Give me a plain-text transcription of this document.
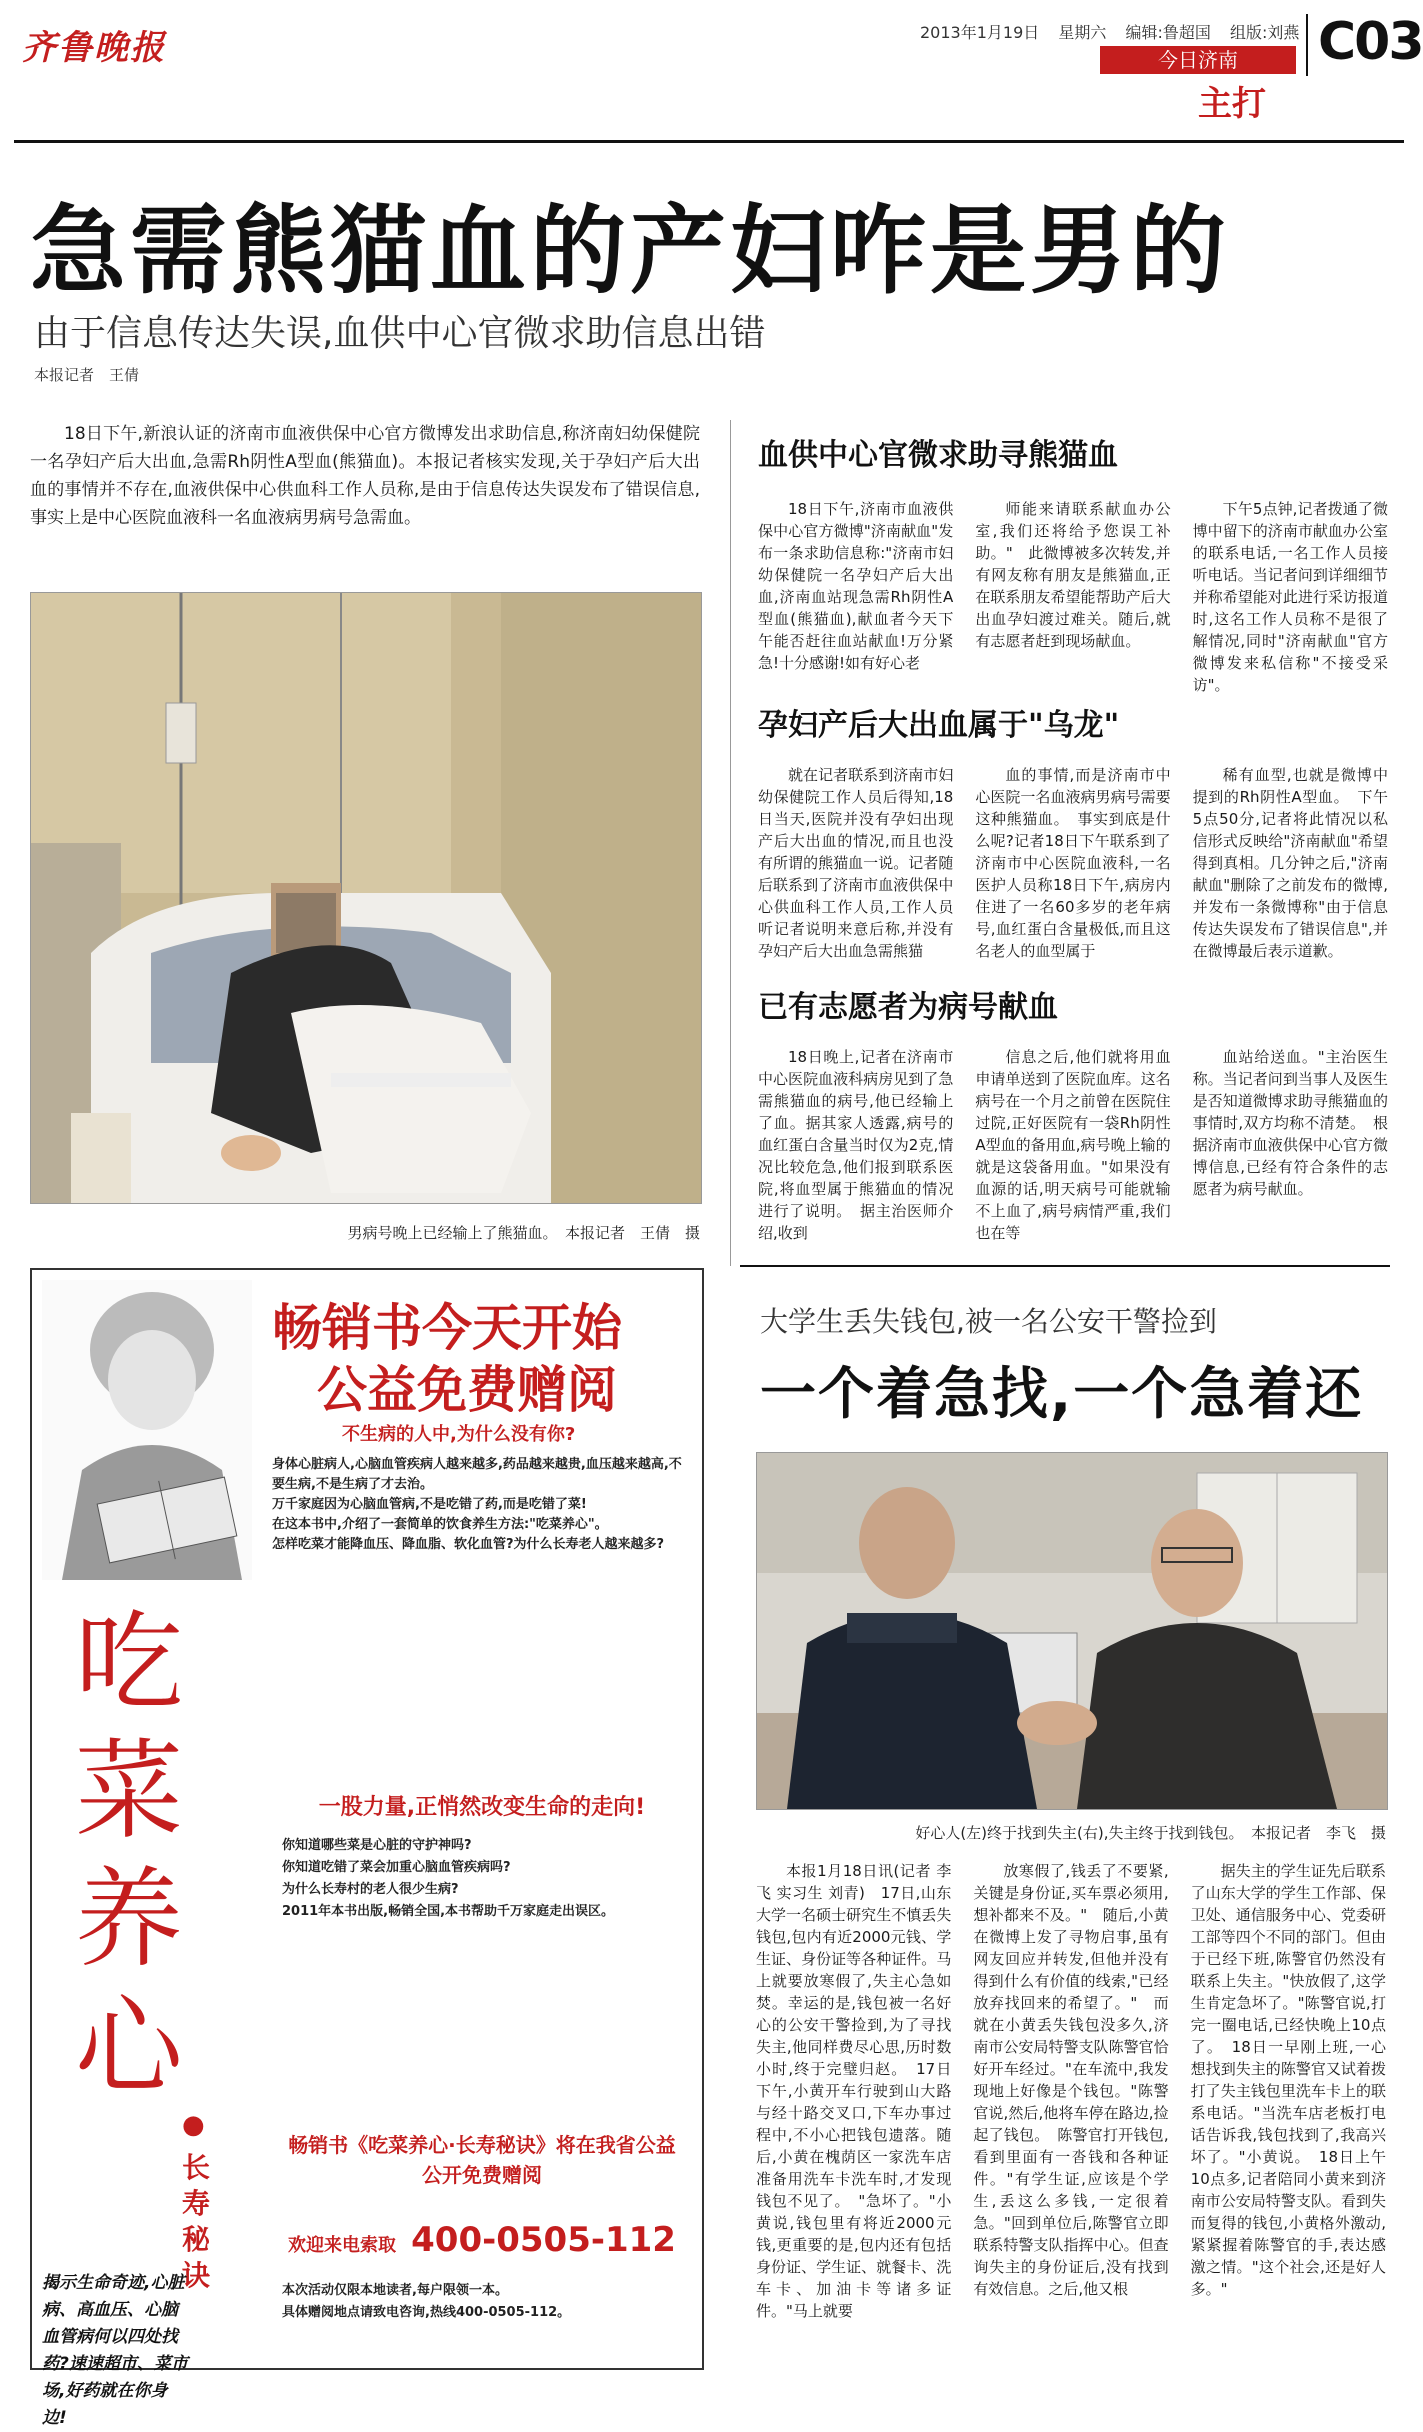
齐鲁晚报	2013年1月19日 星期六 编辑:鲁超国 组版:刘燕 C03
今日济南
主打
急需熊猫血的产妇咋是男的
由于信息传达失误,血供中心官微求助信息出错
本报记者　王倩

18日下午,新浪认证的济南市血液供保中心官方微博发出求助信息,称济南妇幼保健院一名孕妇产后大出血,急需Rh阴性A型血(熊猫血)。本报记者核实发现,关于孕妇产后大出血的事情并不存在,血液供保中心供血科工作人员称,是由于信息传达失误发布了错误信息,事实上是中心医院血液科一名血液病男病号急需血。

男病号晚上已经输上了熊猫血。　本报记者　王倩　摄
血供中心官微求助寻熊猫血

18日下午,济南市血液供保中心官方微博"济南献血"发布一条求助信息称:"济南市妇幼保健院一名孕妇产后大出血,济南血站现急需Rh阴性A型血(熊猫血),献血者今天下午能否赶往血站献血!万分紧急!十分感谢!如有好心老

师能来请联系献血办公室,我们还将给予您误工补助。"　此微博被多次转发,并有网友称有朋友是熊猫血,正在联系朋友希望能帮助产后大出血孕妇渡过难关。随后,就有志愿者赶到现场献血。

下午5点钟,记者拨通了微博中留下的济南市献血办公室的联系电话,一名工作人员接听电话。当记者问到详细细节并称希望能对此进行采访报道时,这名工作人员称不是很了解情况,同时"济南献血"官方微博发来私信称"不接受采访"。

孕妇产后大出血属于"乌龙"

就在记者联系到济南市妇幼保健院工作人员后得知,18日当天,医院并没有孕妇出现产后大出血的情况,而且也没有所谓的熊猫血一说。记者随后联系到了济南市血液供保中心供血科工作人员,工作人员听记者说明来意后称,并没有孕妇产后大出血急需熊猫

血的事情,而是济南市中心医院一名血液病男病号需要这种熊猫血。　事实到底是什么呢?记者18日下午联系到了济南市中心医院血液科,一名医护人员称18日下午,病房内住进了一名60多岁的老年病号,血红蛋白含量极低,而且这名老人的血型属于

稀有血型,也就是微博中提到的Rh阴性A型血。　下午5点50分,记者将此情况以私信形式反映给"济南献血"希望得到真相。几分钟之后,"济南献血"删除了之前发布的微博,并发布一条微博称"由于信息传达失误发布了错误信息",并在微博最后表示道歉。

已有志愿者为病号献血

18日晚上,记者在济南市中心医院血液科病房见到了急需熊猫血的病号,他已经输上了血。据其家人透露,病号的血红蛋白含量当时仅为2克,情况比较危急,他们报到联系医院,将血型属于熊猫血的情况进行了说明。　据主治医师介绍,收到

信息之后,他们就将用血申请单送到了医院血库。这名病号在一个月之前曾在医院住过院,正好医院有一袋Rh阴性A型血的备用血,病号晚上输的就是这袋备用血。"如果没有血源的话,明天病号可能就输不上血了,病号病情严重,我们也在等

血站给送血。"主治医生称。当记者问到当事人及医生是否知道微博求助寻熊猫血的事情时,双方均称不清楚。　根据济南市血液供保中心官方微博信息,已经有符合条件的志愿者为病号献血。

畅销书今天开始
公益免费赠阅
不生病的人中,为什么没有你?
身体心脏病人,心脑血管疾病人越来越多,药品越来越贵,血压越来越高,不要生病,不是生病了才去治。
万千家庭因为心脑血管病,不是吃错了药,而是吃错了菜!
在这本书中,介绍了一套简单的饮食养生方法:"吃菜养心"。
怎样吃菜才能降血压、降血脂、软化血管?为什么长寿老人越来越多?
吃菜养心
●
长寿秘诀
揭示生命奇迹,心脏病、高血压、心脑血管病何以四处找药?速速超市、菜市场,好药就在你身边!
一股力量,正悄然改变生命的走向!
你知道哪些菜是心脏的守护神吗?
你知道吃错了菜会加重心脑血管疾病吗?
为什么长寿村的老人很少生病?
2011年本书出版,畅销全国,本书帮助千万家庭走出误区。
畅销书《吃菜养心·长寿秘诀》将在我省公益公开免费赠阅
欢迎来电索取 400-0505-112
本次活动仅限本地读者,每户限领一本。
具体赠阅地点请致电咨询,热线400-0505-112。
大学生丢失钱包,被一名公安干警捡到
一个着急找,一个急着还
好心人(左)终于找到失主(右),失主终于找到钱包。　本报记者　李飞　摄

本报1月18日讯(记者 李飞 实习生 刘青)　17日,山东大学一名硕士研究生不慎丢失钱包,包内有近2000元钱、学生证、身份证等各种证件。马上就要放寒假了,失主心急如焚。幸运的是,钱包被一名好心的公安干警捡到,为了寻找失主,他同样费尽心思,历时数小时,终于完璧归赵。　17日下午,小黄开车行驶到山大路与经十路交叉口,下车办事过程中,不小心把钱包遗落。随后,小黄在槐荫区一家洗车店准备用洗车卡洗车时,才发现钱包不见了。　"急坏了。"小黄说,钱包里有将近2000元钱,更重要的是,包内还有包括身份证、学生证、就餐卡、洗车卡、加油卡等诸多证件。"马上就要

放寒假了,钱丢了不要紧,关键是身份证,买车票必须用,想补都来不及。"　随后,小黄在微博上发了寻物启事,虽有网友回应并转发,但他并没有得到什么有价值的线索,"已经放弃找回来的希望了。"　而就在小黄丢失钱包没多久,济南市公安局特警支队陈警官恰好开车经过。"在车流中,我发现地上好像是个钱包。"陈警官说,然后,他将车停在路边,捡起了钱包。　陈警官打开钱包,看到里面有一沓钱和各种证件。"有学生证,应该是个学生,丢这么多钱,一定很着急。"回到单位后,陈警官立即联系特警支队指挥中心。但查询失主的身份证后,没有找到有效信息。之后,他又根

据失主的学生证先后联系了山东大学的学生工作部、保卫处、通信服务中心、党委研工部等四个不同的部门。但由于已经下班,陈警官仍然没有联系上失主。"快放假了,这学生肯定急坏了。"陈警官说,打完一圈电话,已经快晚上10点了。　18日一早刚上班,一心想找到失主的陈警官又试着拨打了失主钱包里洗车卡上的联系电话。"当洗车店老板打电话告诉我,钱包找到了,我高兴坏了。"小黄说。　18日上午10点多,记者陪同小黄来到济南市公安局特警支队。看到失而复得的钱包,小黄格外激动,紧紧握着陈警官的手,表达感激之情。"这个社会,还是好人多。"
